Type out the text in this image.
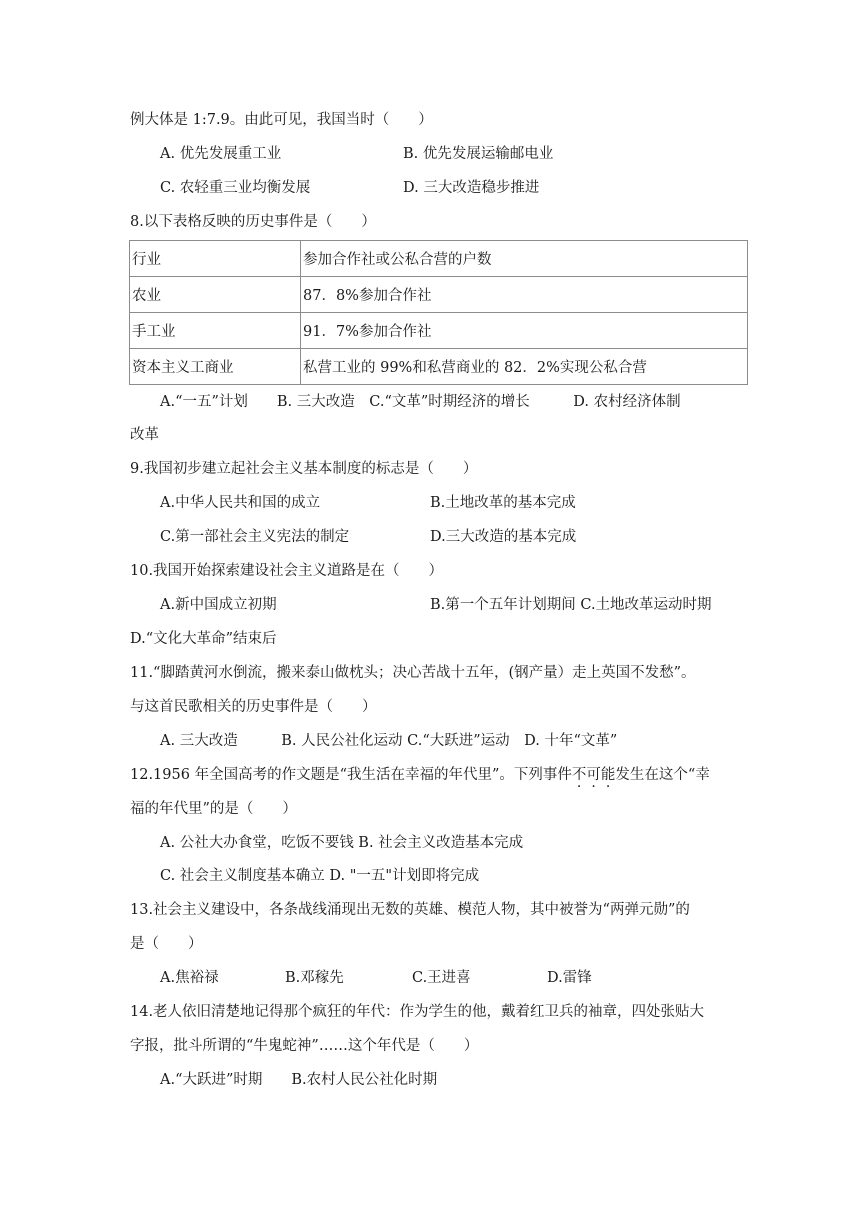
例大体是 1:7.9。由此可见，我国当时（　　）
A. 优先发展重工业	B. 优先发展运输邮电业
C. 农轻重三业均衡发展	D. 三大改造稳步推进
8.以下表格反映的历史事件是（　　）
行业	参加合作社或公私合营的户数
农业	87．8%参加合作社
手工业	91．7%参加合作社
资本主义工商业	私营工业的 99%和私营商业的 82．2%实现公私合营
A.“一五”计划　　B. 三大改造　C.“文革”时期经济的增长　　　D. 农村经济体制
改革
9.我国初步建立起社会主义基本制度的标志是（　　）
A.中华人民共和国的成立	B.土地改革的基本完成
C.第一部社会主义宪法的制定	D.三大改造的基本完成
10.我国开始探索建设社会主义道路是在（　　）
A.新中国成立初期	B.第一个五年计划期间 C.土地改革运动时期
D.“文化大革命”结束后
11.“脚踏黄河水倒流，搬来泰山做枕头；决心苦战十五年，(钢产量）走上英国不发愁”。
与这首民歌相关的历史事件是（　　）
A. 三大改造　　　B. 人民公社化运动 C.“大跃进”运动　D. 十年“文革”
12.1956 年全国高考的作文题是“我生活在幸福的年代里”。下列事件不可能发生在这个“幸
福的年代里”的是（　　）
A. 公社大办食堂，吃饭不要钱 B. 社会主义改造基本完成
C. 社会主义制度基本确立 D. "一五"计划即将完成
13.社会主义建设中，各条战线涌现出无数的英雄、模范人物，其中被誉为“两弹元勋”的
是（　　）
A.焦裕禄	B.邓稼先	C.王进喜	D.雷锋
14.老人依旧清楚地记得那个疯狂的年代：作为学生的他，戴着红卫兵的袖章，四处张贴大
字报，批斗所谓的“牛鬼蛇神”……这个年代是（　　）
A.“大跃进”时期　　B.农村人民公社化时期
